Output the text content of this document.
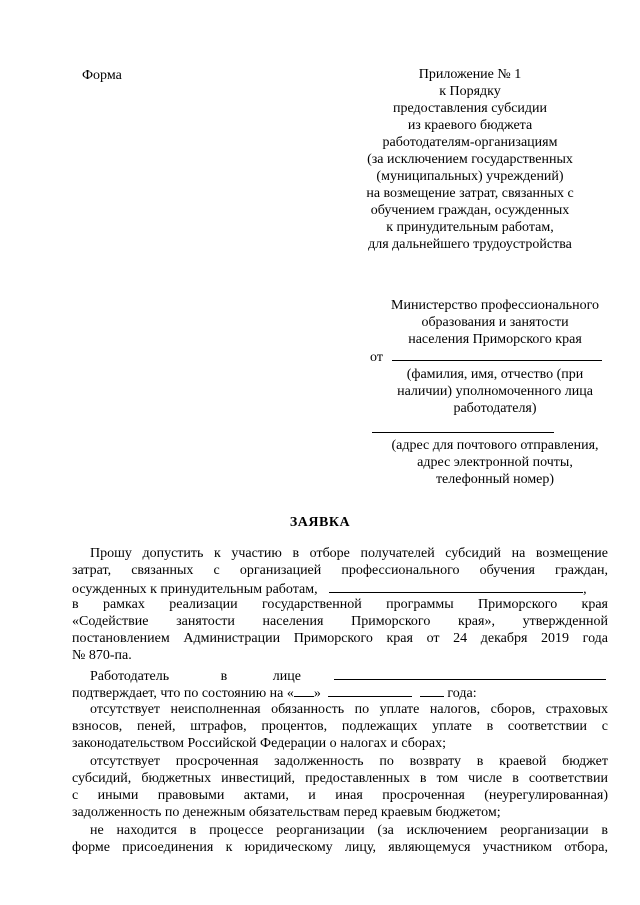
Форма	Приложение № 1
к Порядку
предоставления субсидии
из краевого бюджета
работодателям-организациям
(за исключением государственных
(муниципальных) учреждений)
на возмещение затрат, связанных с
обучением граждан, осужденных
к принудительным работам,
для дальнейшего трудоустройства
Министерство профессионального
образования и занятости
населения Приморского края
от
(фамилия, имя, отчество (при
наличии) уполномоченного лица
работодателя)
(адрес для почтового отправления,
адрес электронной почты,
телефонный номер)
ЗАЯВКА
Прошу допустить к участию в отборе получателей субсидий на возмещение
затрат, связанных с организацией профессионального обучения граждан,
осужденных к принудительным работам,	,
в рамках реализации государственной программы Приморского края
«Содействие занятости населения Приморского края», утвержденной
постановлением Администрации Приморского края от 24 декабря 2019 года
№ 870-па.
Работодатель	в	лице
подтверждает, что по состоянию на « »	года:
отсутствует неисполненная обязанность по уплате налогов, сборов, страховых
взносов, пеней, штрафов, процентов, подлежащих уплате в соответствии с
законодательством Российской Федерации о налогах и сборах;
отсутствует просроченная задолженность по возврату в краевой бюджет
субсидий, бюджетных инвестиций, предоставленных в том числе в соответствии
с иными правовыми актами, и иная просроченная (неурегулированная)
задолженность по денежным обязательствам перед краевым бюджетом;
не находится в процессе реорганизации (за исключением реорганизации в
форме присоединения к юридическому лицу, являющемуся участником отбора,
